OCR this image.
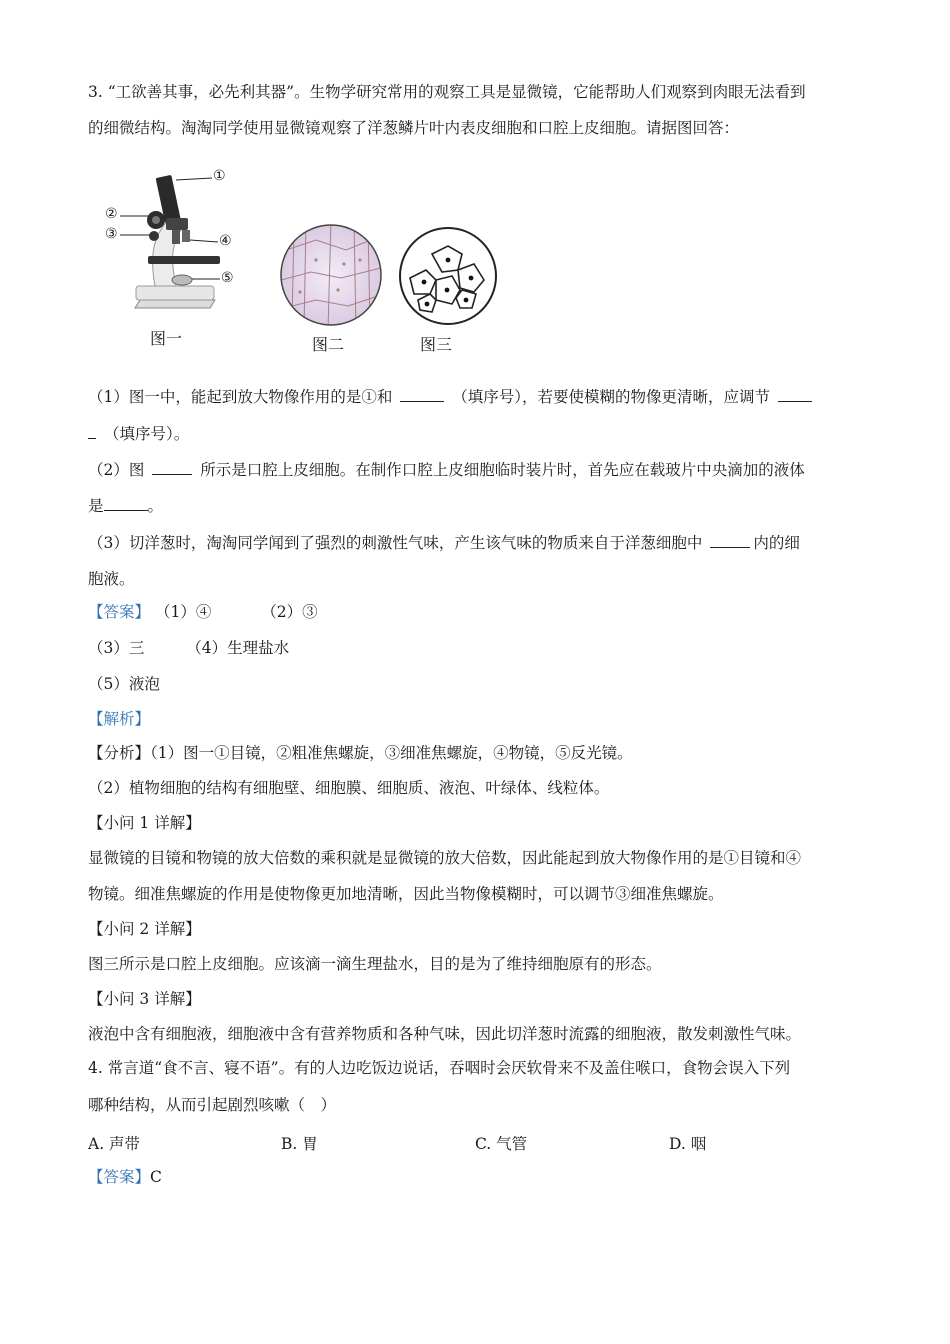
3. “工欲善其事，必先利其器”。生物学研究常用的观察工具是显微镜，它能帮助人们观察到肉眼无法看到
的细微结构。淘淘同学使用显微镜观察了洋葱鳞片叶内表皮细胞和口腔上皮细胞。请据图回答：
①
②
③	④
⑤
图一	图二	图三
（1）图一中，能起到放大物像作用的是①和	（填序号），若要使模糊的物像更清晰，应调节
（填序号）。
（2）图	所示是口腔上皮细胞。在制作口腔上皮细胞临时装片时，首先应在载玻片中央滴加的液体
是	。
（3）切洋葱时，淘淘同学闻到了强烈的刺激性气味，产生该气味的物质来自于洋葱细胞中	内的细
胞液。
【答案】 （1）④	（2）③
（3）三	（4）生理盐水
（5）液泡
【解析】
【分析】（1）图一①目镜，②粗准焦螺旋，③细准焦螺旋，④物镜，⑤反光镜。
（2）植物细胞的结构有细胞壁、细胞膜、细胞质、液泡、叶绿体、线粒体。
【小问 1 详解】
显微镜的目镜和物镜的放大倍数的乘积就是显微镜的放大倍数，因此能起到放大物像作用的是①目镜和④
物镜。细准焦螺旋的作用是使物像更加地清晰，因此当物像模糊时，可以调节③细准焦螺旋。
【小问 2 详解】
图三所示是口腔上皮细胞。应该滴一滴生理盐水，目的是为了维持细胞原有的形态。
【小问 3 详解】
液泡中含有细胞液，细胞液中含有营养物质和各种气味，因此切洋葱时流露的细胞液，散发刺激性气味。
4. 常言道“食不言、寝不语”。有的人边吃饭边说话，吞咽时会厌软骨来不及盖住喉口，食物会误入下列
哪种结构，从而引起剧烈咳嗽（　）
A. 声带	B. 胃	C. 气管	D. 咽
【答案】C
